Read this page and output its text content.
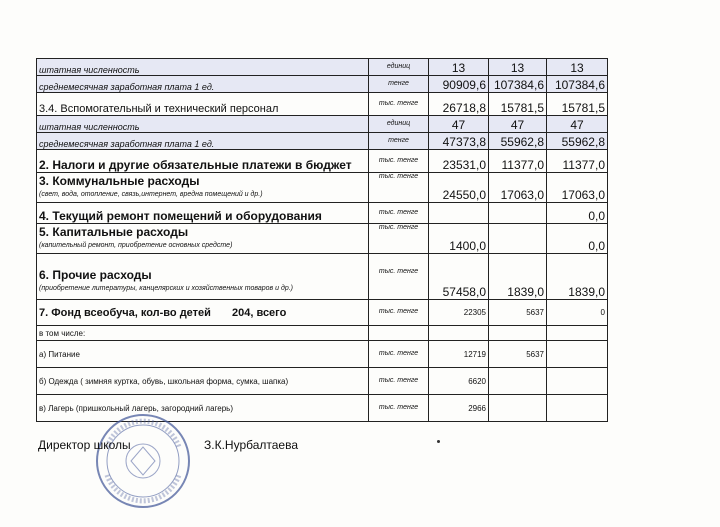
штатная численность	единиц	13	13	13
среднемесячная заработная плата 1 ед.	тенге	90909,6	107384,6	107384,6
3.4. Вспомогательный и технический персонал	тыс. тенге	26718,8	15781,5	15781,5
штатная численность	единиц	47	47	47
среднемесячная заработная плата 1 ед.	тенге	47373,8	55962,8	55962,8
2. Налоги и другие обязательные платежи в бюджет	тыс. тенге	23531,0	11377,0	11377,0
3. Коммунальные расходы
(свет, вода, отопление, связь,интернет, вредна помещений и др.)	тыс. тенге	24550,0	17063,0	17063,0
4. Текущий ремонт помещений и оборудования	тыс. тенге			0,0
5. Капитальные расходы
(капительный ремонт, приобретение основных средстe)	тыс. тенге	1400,0		0,0
6. Прочие расходы
(приобретение литературы, канцелярских и хозяйственных товаров и др.)	тыс. тенге	57458,0	1839,0	1839,0
7. Фонд всеобуча, кол-во детей 204, всего	тыс. тенге	22305	5637	0
в том числе:				
а) Питание	тыс. тенге	12719	5637	
б) Одежда ( зимняя куртка, обувь, школьная форма, сумка, шапка)	тыс. тенге	6620		
в) Лагерь (пришкольный лагерь, загородний лагерь)	тыс. тенге	2966		
Директор школы	З.К.Нурбалтаева
